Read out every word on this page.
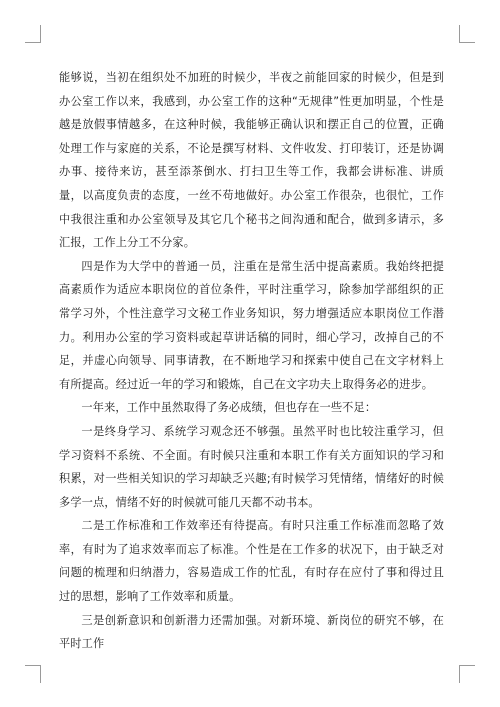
能够说，当初在组织处不加班的时候少，半夜之前能回家的时候少，但是到办公室工作以来，我感到，办公室工作的这种“无规律”性更加明显，个性是越是放假事情越多，在这种时候，我能够正确认识和摆正自己的位置，正确处理工作与家庭的关系，不论是撰写材料、文件收发、打印装订，还是协调办事、接待来访，甚至添茶倒水、打扫卫生等工作，我都会讲标准、讲质量，以高度负责的态度，一丝不苟地做好。办公室工作很杂，也很忙，工作中我很注重和办公室领导及其它几个秘书之间沟通和配合，做到多请示，多汇报，工作上分工不分家。

四是作为大学中的普通一员，注重在是常生活中提高素质。我始终把提高素质作为适应本职岗位的首位条件，平时注重学习，除参加学部组织的正常学习外，个性注意学习文秘工作业务知识，努力增强适应本职岗位工作潜力。利用办公室的学习资料或起草讲话稿的同时，细心学习，改掉自己的不足，并虚心向领导、同事请教，在不断地学习和探索中使自己在文字材料上有所提高。经过近一年的学习和锻炼，自己在文字功夫上取得务必的进步。

一年来，工作中虽然取得了务必成绩，但也存在一些不足：

一是终身学习、系统学习观念还不够强。虽然平时也比较注重学习，但学习资料不系统、不全面。有时候只注重和本职工作有关方面知识的学习和积累，对一些相关知识的学习却缺乏兴趣;有时候学习凭情绪，情绪好的时候多学一点，情绪不好的时候就可能几天都不动书本。

二是工作标准和工作效率还有待提高。有时只注重工作标准而忽略了效率，有时为了追求效率而忘了标准。个性是在工作多的状况下，由于缺乏对问题的梳理和归纳潜力，容易造成工作的忙乱，有时存在应付了事和得过且过的思想，影响了工作效率和质量。

三是创新意识和创新潜力还需加强。对新环境、新岗位的研究不够，在平时工作
